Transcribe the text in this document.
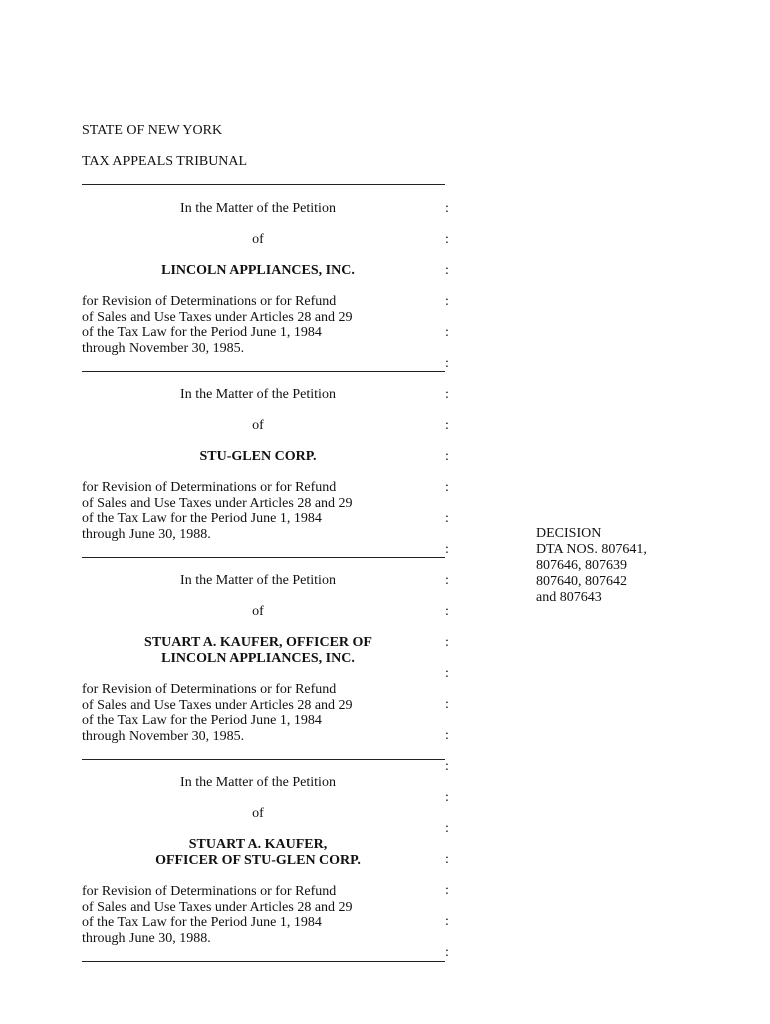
STATE OF NEW YORK
TAX APPEALS TRIBUNAL
In the Matter of the Petition
of
LINCOLN APPLIANCES, INC.
for Revision of Determinations or for Refund
of Sales and Use Taxes under Articles 28 and 29
of the Tax Law for the Period June 1, 1984
through November 30, 1985.
In the Matter of the Petition
of
STU-GLEN CORP.
for Revision of Determinations or for Refund
of Sales and Use Taxes under Articles 28 and 29
of the Tax Law for the Period June 1, 1984
through June 30, 1988.
In the Matter of the Petition
of
STUART A. KAUFER, OFFICER OF
LINCOLN APPLIANCES, INC.
for Revision of Determinations or for Refund
of Sales and Use Taxes under Articles 28 and 29
of the Tax Law for the Period June 1, 1984
through November 30, 1985.
In the Matter of the Petition
of
STUART A. KAUFER,
OFFICER OF STU-GLEN CORP.
for Revision of Determinations or for Refund
of Sales and Use Taxes under Articles 28 and 29
of the Tax Law for the Period June 1, 1984
through June 30, 1988.
:
:
:
:
:
:
:
:
:
:
:
:
:
:
:
:
:
:
:
:
:
:
:
:
:
DECISION
DTA NOS. 807641,
807646, 807639
807640, 807642
and 807643
